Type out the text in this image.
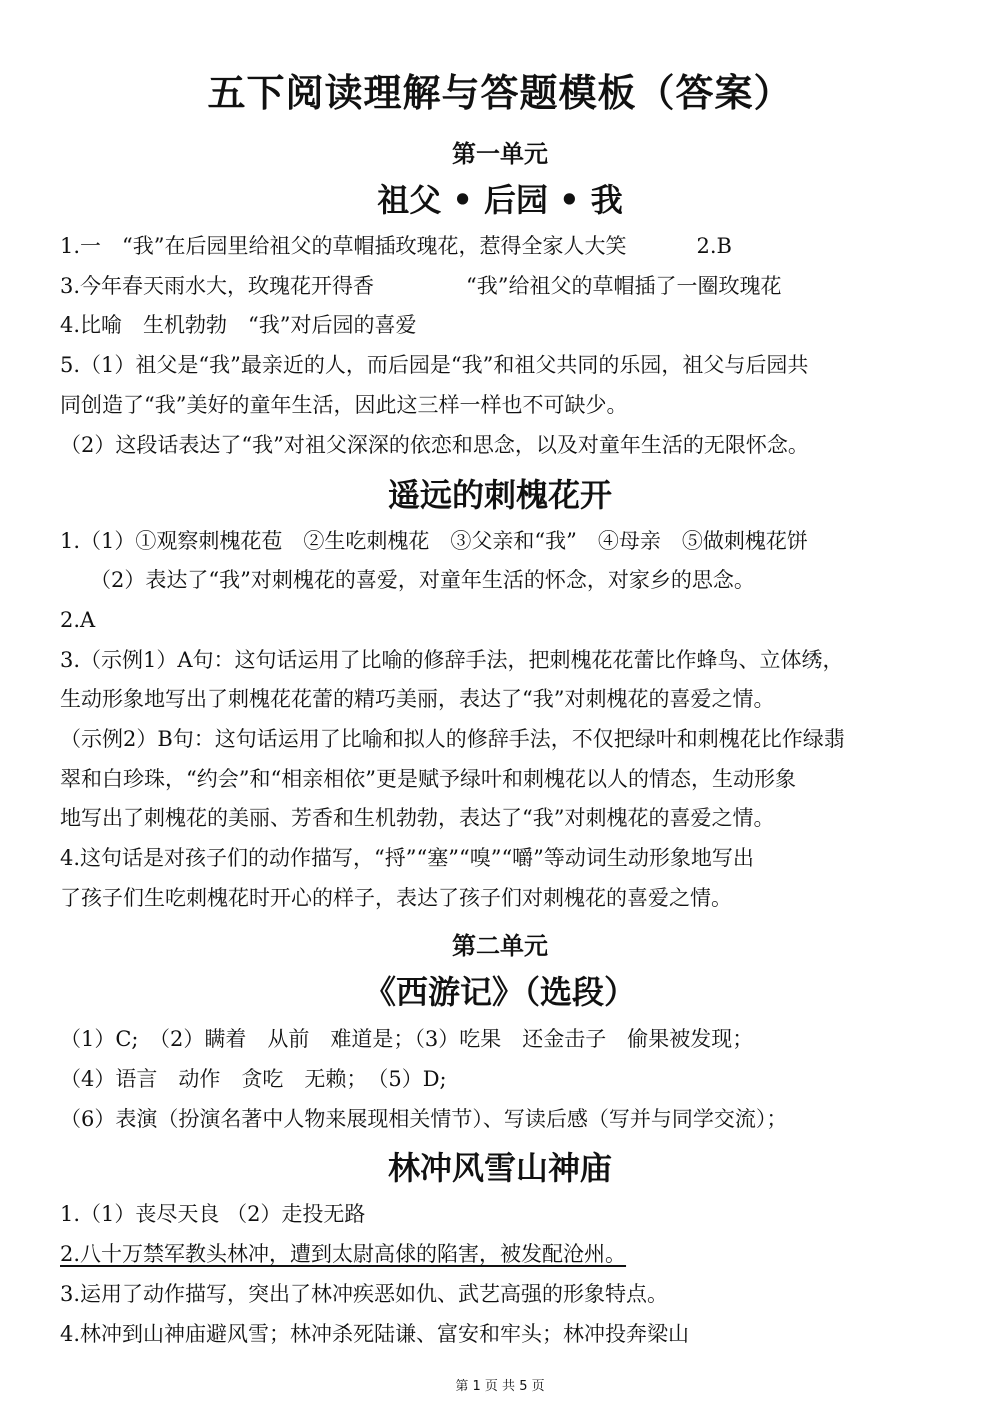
五下阅读理解与答题模板（答案）
第一单元
祖父 • 后园 • 我
1.一　“我”在后园里给祖父的草帽插玫瑰花，惹得全家人大笑	2.B
3.今年春天雨水大，玫瑰花开得香	“我”给祖父的草帽插了一圈玫瑰花
4.比喻　生机勃勃　“我”对后园的喜爱
5.（1）祖父是“我”最亲近的人，而后园是“我”和祖父共同的乐园，祖父与后园共
同创造了“我”美好的童年生活，因此这三样一样也不可缺少。
（2）这段话表达了“我”对祖父深深的依恋和思念，以及对童年生活的无限怀念。
遥远的刺槐花开
1.（1）①观察刺槐花苞　②生吃刺槐花　③父亲和“我”　④母亲　⑤做刺槐花饼
（2）表达了“我”对刺槐花的喜爱，对童年生活的怀念，对家乡的思念。
2.A
3.（示例1）A句：这句话运用了比喻的修辞手法，把刺槐花花蕾比作蜂鸟、立体绣，
生动形象地写出了刺槐花花蕾的精巧美丽，表达了“我”对刺槐花的喜爱之情。
（示例2）B句：这句话运用了比喻和拟人的修辞手法，不仅把绿叶和刺槐花比作绿翡
翠和白珍珠，“约会”和“相亲相依”更是赋予绿叶和刺槐花以人的情态，生动形象
地写出了刺槐花的美丽、芳香和生机勃勃，表达了“我”对刺槐花的喜爱之情。
4.这句话是对孩子们的动作描写，“捋”“塞”“嗅”“嚼”等动词生动形象地写出
了孩子们生吃刺槐花时开心的样子，表达了孩子们对刺槐花的喜爱之情。
第二单元
《西游记》（选段）
（1）C;　（2）瞒着　从前　难道是；（3）吃果　还金击子　偷果被发现；
（4）语言　动作　贪吃　无赖；　（5）D;
（6）表演（扮演名著中人物来展现相关情节）、写读后感（写并与同学交流）；
林冲风雪山神庙
1.（1）丧尽天良 （2）走投无路
2.八十万禁军教头林冲，遭到太尉高俅的陷害，被发配沧州。
3.运用了动作描写，突出了林冲疾恶如仇、武艺高强的形象特点。
4.林冲到山神庙避风雪；林冲杀死陆谦、富安和牢头；林冲投奔梁山
第 1 页 共 5 页
